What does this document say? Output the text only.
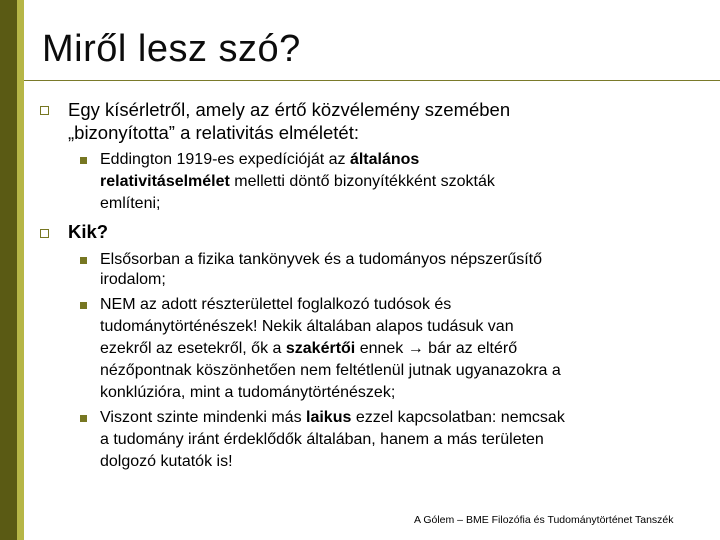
Miről lesz szó?

Egy kísérletről, amely az értő közvélemény szemében

„bizonyította” a relativitás elméletét:

Eddington 1919-es expedícióját az általános

relativitáselmélet melletti döntő bizonyítékként szokták

említeni;

Kik?

Elsősorban a fizika tankönyvek és a tudományos népszerűsítő

irodalom;

NEM az adott részterülettel foglalkozó tudósok és

tudománytörténészek! Nekik általában alapos tudásuk van

ezekről az esetekről, ők a szakértői ennek → bár az eltérő

nézőpontnak köszönhetően nem feltétlenül jutnak ugyanazokra a

konklúzióra, mint a tudománytörténészek;

Viszont szinte mindenki más laikus ezzel kapcsolatban: nemcsak

a tudomány iránt érdeklődők általában, hanem a más területen

dolgozó kutatók is!

A Gólem – BME Filozófia és Tudománytörténet Tanszék
